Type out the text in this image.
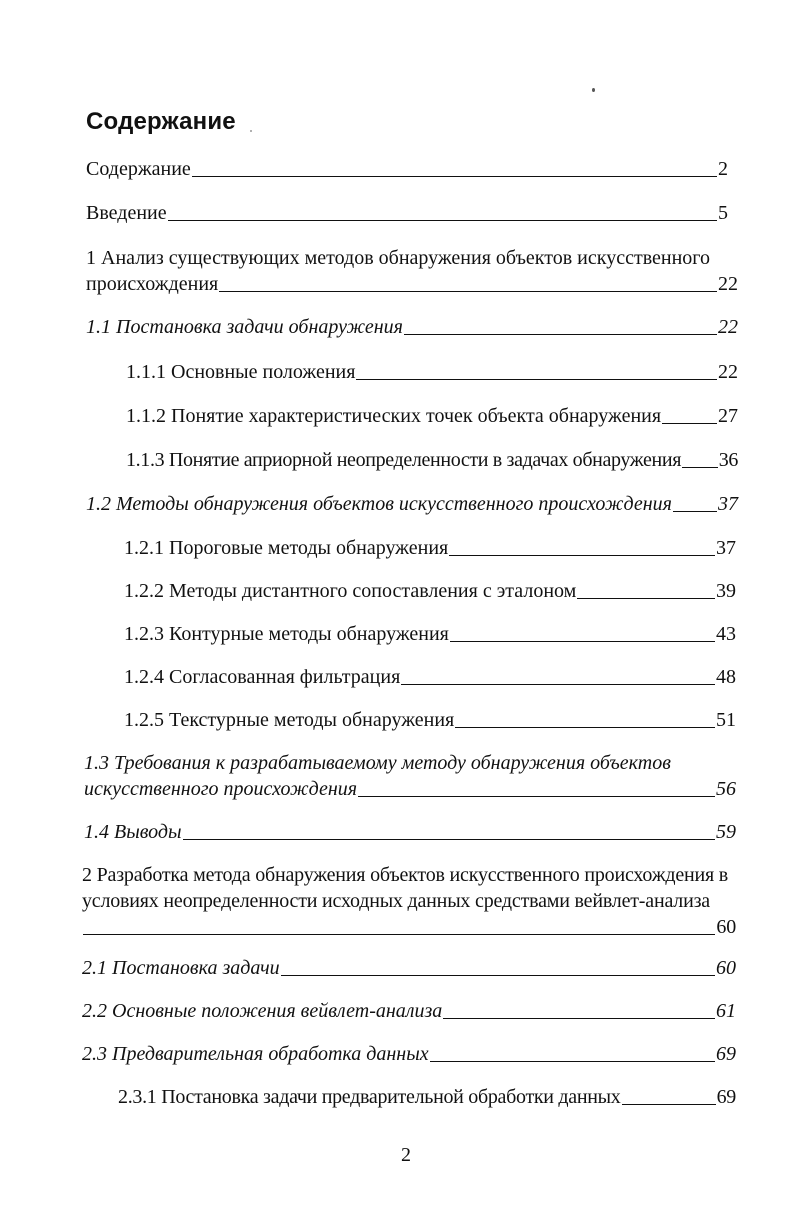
Содержание
Содержание	2
Введение	5
1 Анализ существующих методов обнаружения объектов искусственного
происхождения	22
1.1 Постановка задачи обнаружения	22
1.1.1 Основные положения	22
1.1.2 Понятие характеристических точек объекта обнаружения	27
1.1.3 Понятие априорной неопределенности в задачах обнаружения 36
1.2 Методы обнаружения объектов искусственного происхождения 37
1.2.1 Пороговые методы обнаружения	37
1.2.2 Методы дистантного сопоставления с эталоном	39
1.2.3 Контурные методы обнаружения	43
1.2.4 Согласованная фильтрация	48
1.2.5 Текстурные методы обнаружения	51
1.3 Требования к разрабатываемому методу обнаружения объектов
искусственного происхождения	56
1.4 Выводы	59
2 Разработка метода обнаружения объектов искусственного происхождения в
условиях неопределенности исходных данных средствами вейвлет-анализа
60
2.1 Постановка задачи	60
2.2 Основные положения вейвлет-анализа	61
2.3 Предварительная обработка данных	69
2.3.1 Постановка задачи предварительной обработки данных	69
2
